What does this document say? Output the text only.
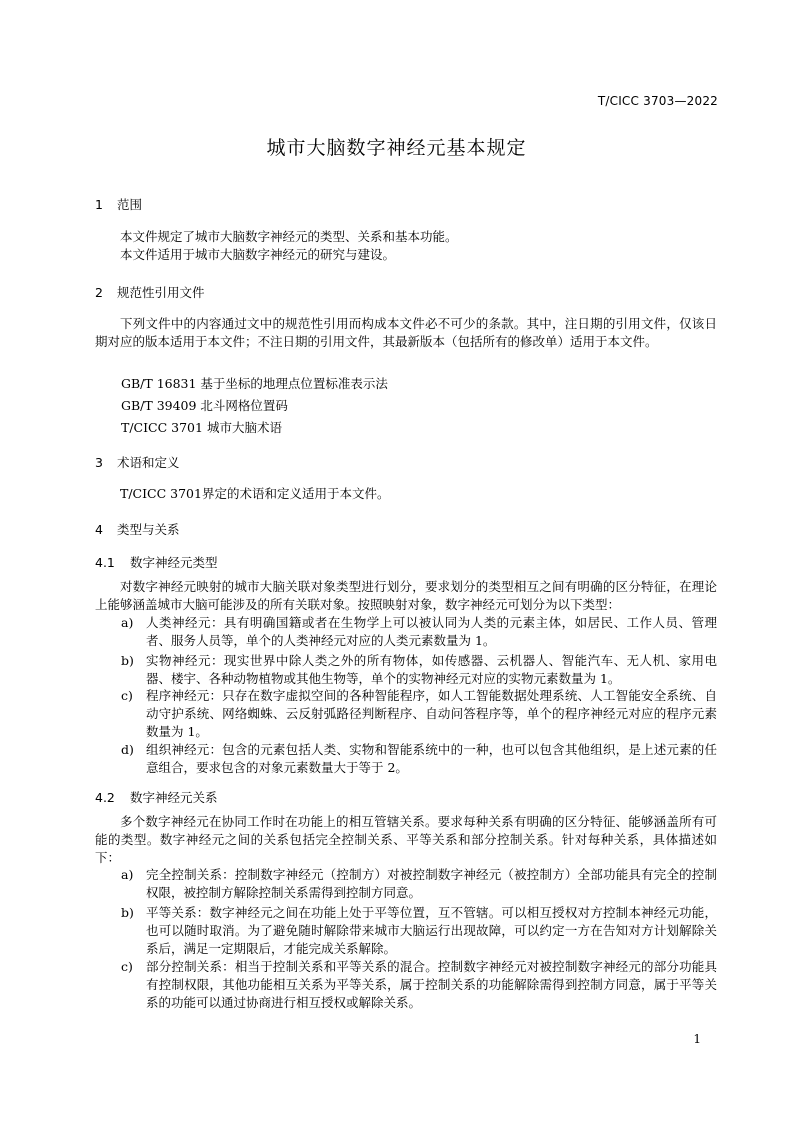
T/CICC 3703—2022
城市大脑数字神经元基本规定
1 范围
本文件规定了城市大脑数字神经元的类型、关系和基本功能。
本文件适用于城市大脑数字神经元的研究与建设。
2 规范性引用文件
下列文件中的内容通过文中的规范性引用而构成本文件必不可少的条款。其中，注日期的引用文件，仅该日期对应的版本适用于本文件；不注日期的引用文件，其最新版本（包括所有的修改单）适用于本文件。
GB/T 16831 基于坐标的地理点位置标准表示法
GB/T 39409 北斗网格位置码
T/CICC 3701 城市大脑术语
3 术语和定义
T/CICC 3701界定的术语和定义适用于本文件。
4 类型与关系
4.1 数字神经元类型
对数字神经元映射的城市大脑关联对象类型进行划分，要求划分的类型相互之间有明确的区分特征，在理论上能够涵盖城市大脑可能涉及的所有关联对象。按照映射对象，数字神经元可划分为以下类型：
a) 人类神经元：具有明确国籍或者在生物学上可以被认同为人类的元素主体，如居民、工作人员、管理者、服务人员等，单个的人类神经元对应的人类元素数量为 1。
b) 实物神经元：现实世界中除人类之外的所有物体，如传感器、云机器人、智能汽车、无人机、家用电器、楼宇、各种动物植物或其他生物等，单个的实物神经元对应的实物元素数量为 1。
c) 程序神经元：只存在数字虚拟空间的各种智能程序，如人工智能数据处理系统、人工智能安全系统、自动守护系统、网络蜘蛛、云反射弧路径判断程序、自动问答程序等，单个的程序神经元对应的程序元素数量为 1。
d) 组织神经元：包含的元素包括人类、实物和智能系统中的一种，也可以包含其他组织，是上述元素的任意组合，要求包含的对象元素数量大于等于 2。
4.2 数字神经元关系
多个数字神经元在协同工作时在功能上的相互管辖关系。要求每种关系有明确的区分特征、能够涵盖所有可能的类型。数字神经元之间的关系包括完全控制关系、平等关系和部分控制关系。针对每种关系，具体描述如下：
a) 完全控制关系：控制数字神经元（控制方）对被控制数字神经元（被控制方）全部功能具有完全的控制权限，被控制方解除控制关系需得到控制方同意。
b) 平等关系：数字神经元之间在功能上处于平等位置，互不管辖。可以相互授权对方控制本神经元功能，也可以随时取消。为了避免随时解除带来城市大脑运行出现故障，可以约定一方在告知对方计划解除关系后，满足一定期限后，才能完成关系解除。
c) 部分控制关系：相当于控制关系和平等关系的混合。控制数字神经元对被控制数字神经元的部分功能具有控制权限，其他功能相互关系为平等关系，属于控制关系的功能解除需得到控制方同意，属于平等关系的功能可以通过协商进行相互授权或解除关系。
1
